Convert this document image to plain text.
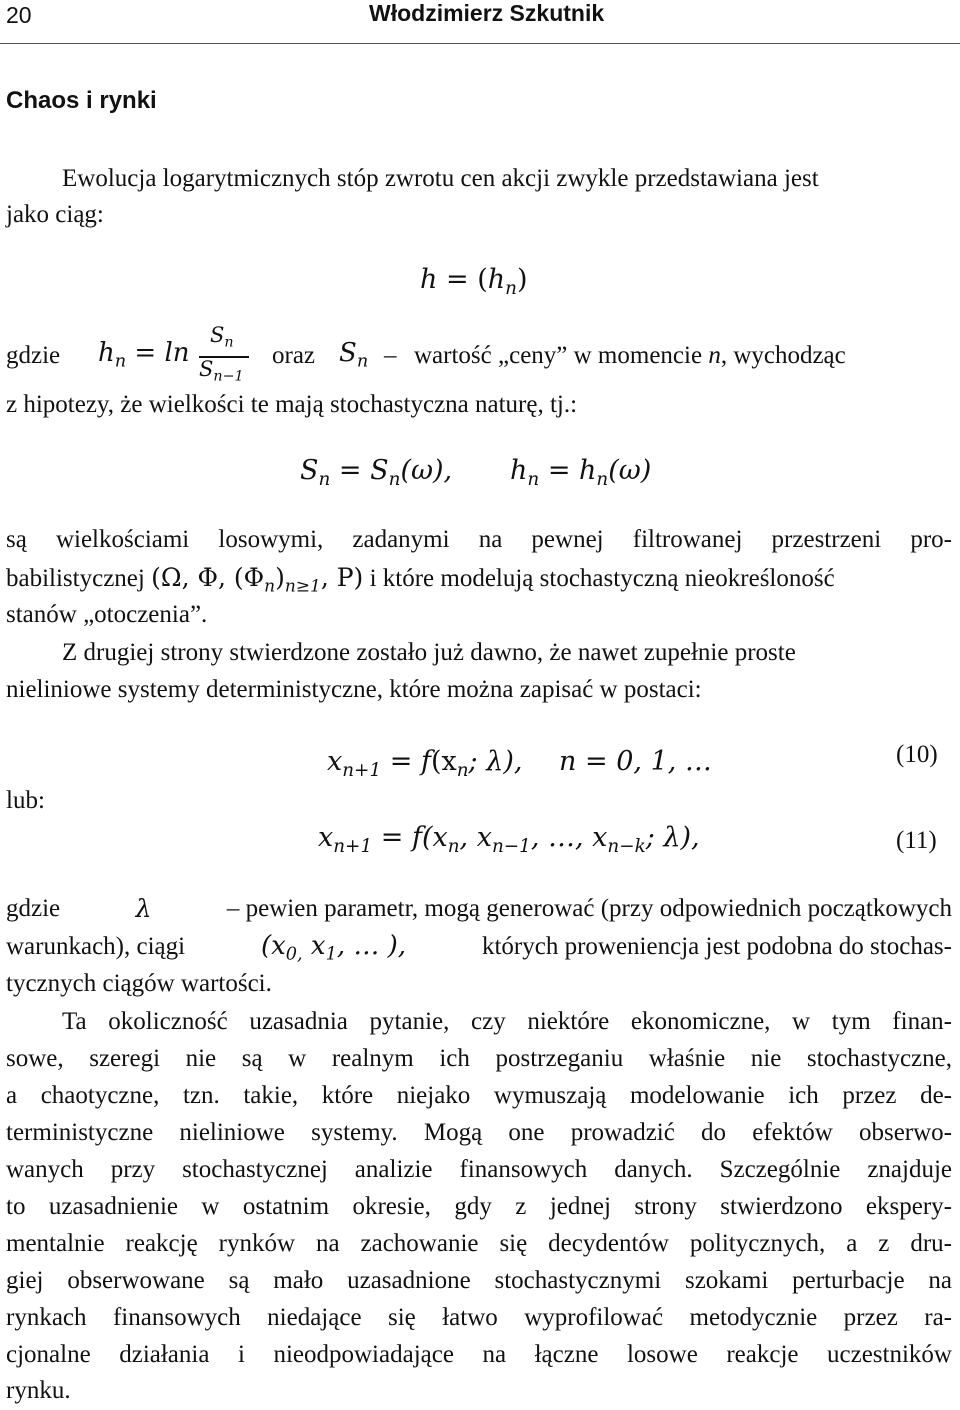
20	Włodzimierz Szkutnik
Chaos i rynki
Ewolucja logarytmicznych stóp zwrotu cen akcji zwykle przedstawiana jest
jako ciąg:
$h = (h_n)$
gdzie $h_n = \ln$
$S_n$
$S_{n-1}$
oraz $S_n$ – wartość „ceny” w momencie n, wychodząc
z hipotezy, że wielkości te mają stochastyczna naturę, tj.:
$S_n = S_n(\omega)$, $h_n = h_n(\omega)$
są wielkościami losowymi, zadanymi na pewnej filtrowanej przestrzeni pro-
babilistycznej (Ω, Φ, $(\Phi_n)_{n\ge 1}$, P) i które modelują stochastyczną nieokreśloność
stanów „otoczenia”.
Z drugiej strony stwierdzone zostało już dawno, że nawet zupełnie proste
nieliniowe systemy deterministyczne, które można zapisać w postaci:
$x_{n+1} = f(x_n$; λ), n = 0, 1, …	(10)
lub:
$x_{n+1} = f(x_n$, $x_{n-1}$, …, $x_{n-k}$; λ),	(11)
gdzie	λ	– pewien parametr, mogą generować (przy odpowiednich początkowych
warunkach), ciągi	($x_{0,}$ $x_1$, … ),	których proweniencja jest podobna do stochas-
tycznych ciągów wartości.
Ta okoliczność uzasadnia pytanie, czy niektóre ekonomiczne, w tym finan-
sowe, szeregi nie są w realnym ich postrzeganiu właśnie nie stochastyczne,
a chaotyczne, tzn. takie, które niejako wymuszają modelowanie ich przez de-
terministyczne nieliniowe systemy. Mogą one prowadzić do efektów obserwo-
wanych przy stochastycznej analizie finansowych danych. Szczególnie znajduje
to uzasadnienie w ostatnim okresie, gdy z jednej strony stwierdzono ekspery-
mentalnie reakcję rynków na zachowanie się decydentów politycznych, a z dru-
giej obserwowane są mało uzasadnione stochastycznymi szokami perturbacje na
rynkach finansowych niedające się łatwo wyprofilować metodycznie przez ra-
cjonalne działania i nieodpowiadające na łączne losowe reakcje uczestników
rynku.
